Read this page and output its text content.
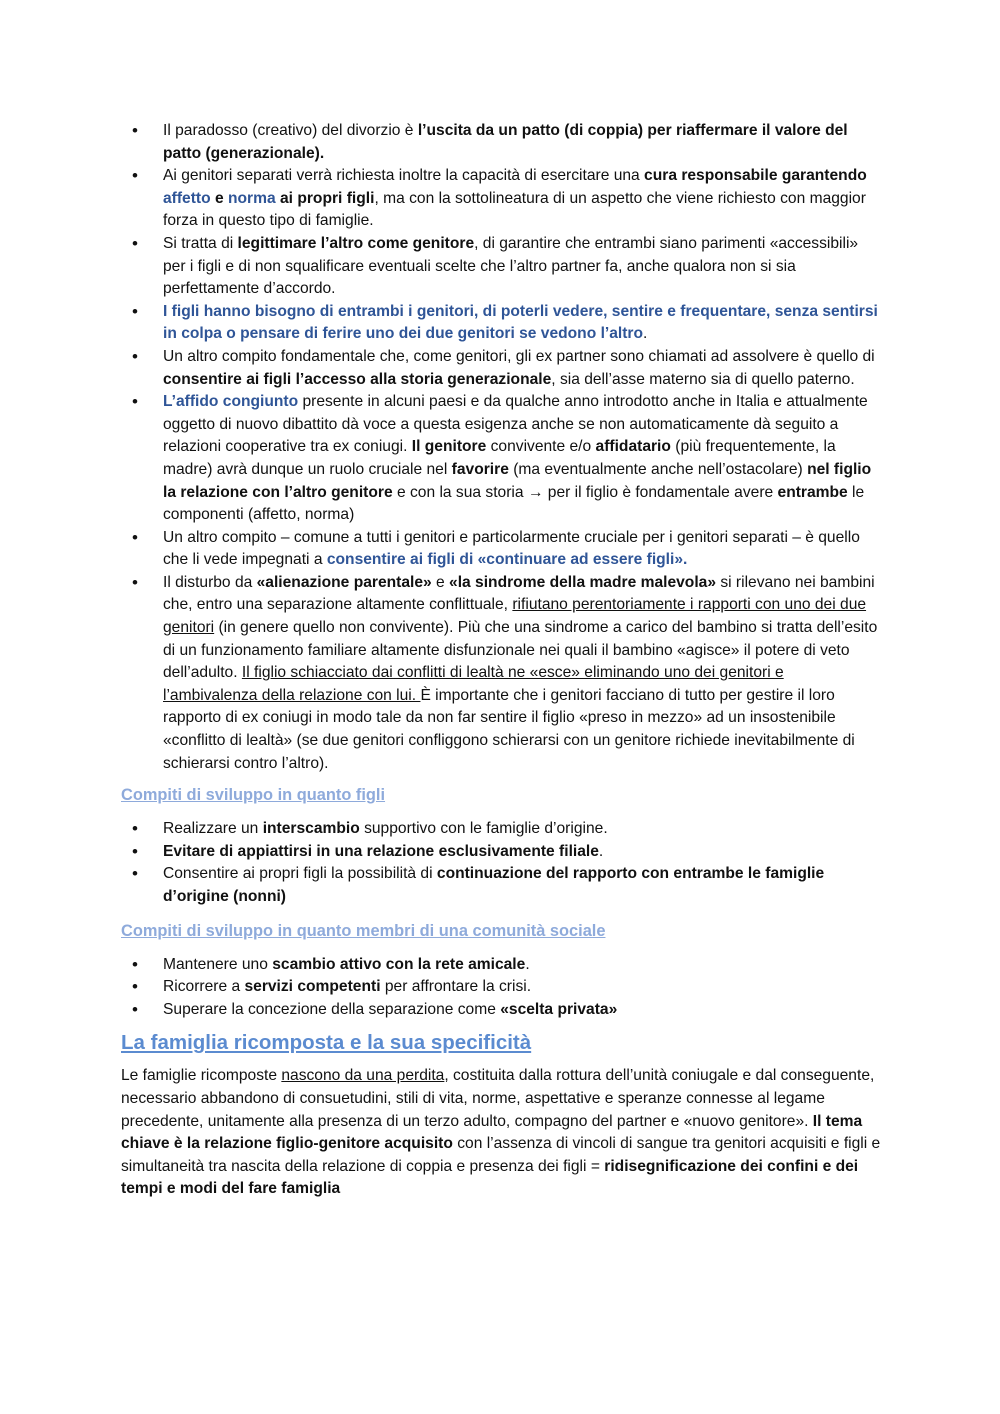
• Il paradosso (creativo) del divorzio è l’uscita da un patto (di coppia) per riaffermare il valore del patto (generazionale).
• Ai genitori separati verrà richiesta inoltre la capacità di esercitare una cura responsabile garantendo affetto e norma ai propri figli, ma con la sottolineatura di un aspetto che viene richiesto con maggior forza in questo tipo di famiglie.
• Si tratta di legittimare l’altro come genitore, di garantire che entrambi siano parimenti «accessibili» per i figli e di non squalificare eventuali scelte che l’altro partner fa, anche qualora non si sia perfettamente d’accordo.
• I figli hanno bisogno di entrambi i genitori, di poterli vedere, sentire e frequentare, senza sentirsi in colpa o pensare di ferire uno dei due genitori se vedono l’altro.
• Un altro compito fondamentale che, come genitori, gli ex partner sono chiamati ad assolvere è quello di consentire ai figli l’accesso alla storia generazionale, sia dell’asse materno sia di quello paterno.
• L’affido congiunto presente in alcuni paesi e da qualche anno introdotto anche in Italia e attualmente oggetto di nuovo dibattito dà voce a questa esigenza anche se non automaticamente dà seguito a relazioni cooperative tra ex coniugi. Il genitore convivente e/o affidatario (più frequentemente, la madre) avrà dunque un ruolo cruciale nel favorire (ma eventualmente anche nell’ostacolare) nel figlio la relazione con l’altro genitore e con la sua storia → per il figlio è fondamentale avere entrambe le componenti (affetto, norma)
• Un altro compito – comune a tutti i genitori e particolarmente cruciale per i genitori separati – è quello che li vede impegnati a consentire ai figli di «continuare ad essere figli».
• Il disturbo da «alienazione parentale» e «la sindrome della madre malevola» si rilevano nei bambini che, entro una separazione altamente conflittuale, rifiutano perentoriamente i rapporti con uno dei due genitori (in genere quello non convivente). Più che una sindrome a carico del bambino si tratta dell’esito di un funzionamento familiare altamente disfunzionale nei quali il bambino «agisce» il potere di veto dell’adulto. Il figlio schiacciato dai conflitti di lealtà ne «esce» eliminando uno dei genitori e l’ambivalenza della relazione con lui. È importante che i genitori facciano di tutto per gestire il loro rapporto di ex coniugi in modo tale da non far sentire il figlio «preso in mezzo» ad un insostenibile «conflitto di lealtà» (se due genitori confliggono schierarsi con un genitore richiede inevitabilmente di schierarsi contro l’altro).
Compiti di sviluppo in quanto figli
• Realizzare un interscambio supportivo con le famiglie d’origine.
• Evitare di appiattirsi in una relazione esclusivamente filiale.
• Consentire ai propri figli la possibilità di continuazione del rapporto con entrambe le famiglie d’origine (nonni)
Compiti di sviluppo in quanto membri di una comunità sociale
• Mantenere uno scambio attivo con la rete amicale.
• Ricorrere a servizi competenti per affrontare la crisi.
• Superare la concezione della separazione come «scelta privata»
La famiglia ricomposta e la sua specificità

Le famiglie ricomposte nascono da una perdita, costituita dalla rottura dell’unità coniugale e dal conseguente, necessario abbandono di consuetudini, stili di vita, norme, aspettative e speranze connesse al legame precedente, unitamente alla presenza di un terzo adulto, compagno del partner e «nuovo genitore». Il tema chiave è la relazione figlio-genitore acquisito con l’assenza di vincoli di sangue tra genitori acquisiti e figli e simultaneità tra nascita della relazione di coppia e presenza dei figli = ridisegnificazione dei confini e dei tempi e modi del fare famiglia
